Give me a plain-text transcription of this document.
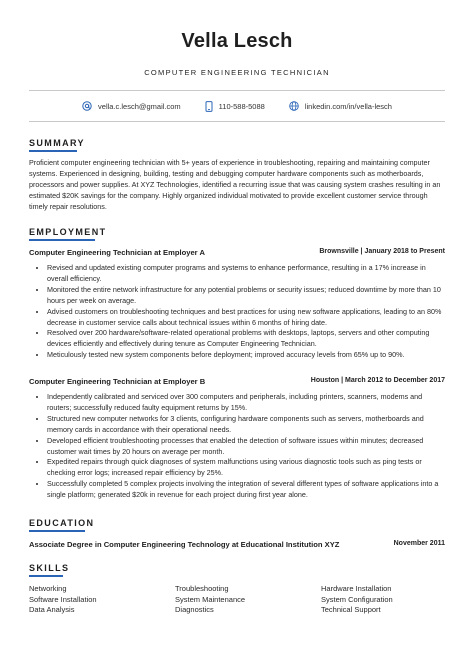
Vella Lesch
COMPUTER ENGINEERING TECHNICIAN
vella.c.lesch@gmail.com	110-588-5088	linkedin.com/in/vella-lesch
SUMMARY
Proficient computer engineering technician with 5+ years of experience in troubleshooting, repairing and maintaining computer systems. Experienced in designing, building, testing and debugging computer hardware components such as motherboards, processors and power supplies. At XYZ Technologies, identified a recurring issue that was causing system crashes resulting in an estimated $20K savings for the company. Highly organized individual motivated to provide excellent customer service through timely repair resolutions.
EMPLOYMENT
Computer Engineering Technician at Employer A	Brownsville | January 2018 to Present
• Revised and updated existing computer programs and systems to enhance performance, resulting in a 17% increase in overall efficiency.
• Monitored the entire network infrastructure for any potential problems or security issues; reduced downtime by more than 10 hours per week on average.
• Advised customers on troubleshooting techniques and best practices for using new software applications, leading to an 80% decrease in customer service calls about technical issues within 6 months of hiring date.
• Resolved over 200 hardware/software-related operational problems with desktops, laptops, servers and other computing devices efficiently and effectively during tenure as Computer Engineering Technician.
• Meticulously tested new system components before deployment; improved accuracy levels from 65% up to 90%.
Computer Engineering Technician at Employer B	Houston | March 2012 to December 2017
• Independently calibrated and serviced over 300 computers and peripherals, including printers, scanners, modems and routers; successfully reduced faulty equipment returns by 15%.
• Structured new computer networks for 3 clients, configuring hardware components such as servers, motherboards and memory cards in accordance with their operational needs.
• Developed efficient troubleshooting processes that enabled the detection of software issues within minutes; decreased customer wait times by 20 hours on average per month.
• Expedited repairs through quick diagnoses of system malfunctions using various diagnostic tools such as ping tests or checking error logs; increased repair efficiency by 25%.
• Successfully completed 5 complex projects involving the integration of several different types of software applications into a single platform; generated $20k in revenue for each project during first year alone.
EDUCATION
Associate Degree in Computer Engineering Technology at Educational Institution XYZ	November 2011
SKILLS
Networking	Troubleshooting	Hardware Installation
Software Installation	System Maintenance	System Configuration
Data Analysis	Diagnostics	Technical Support
